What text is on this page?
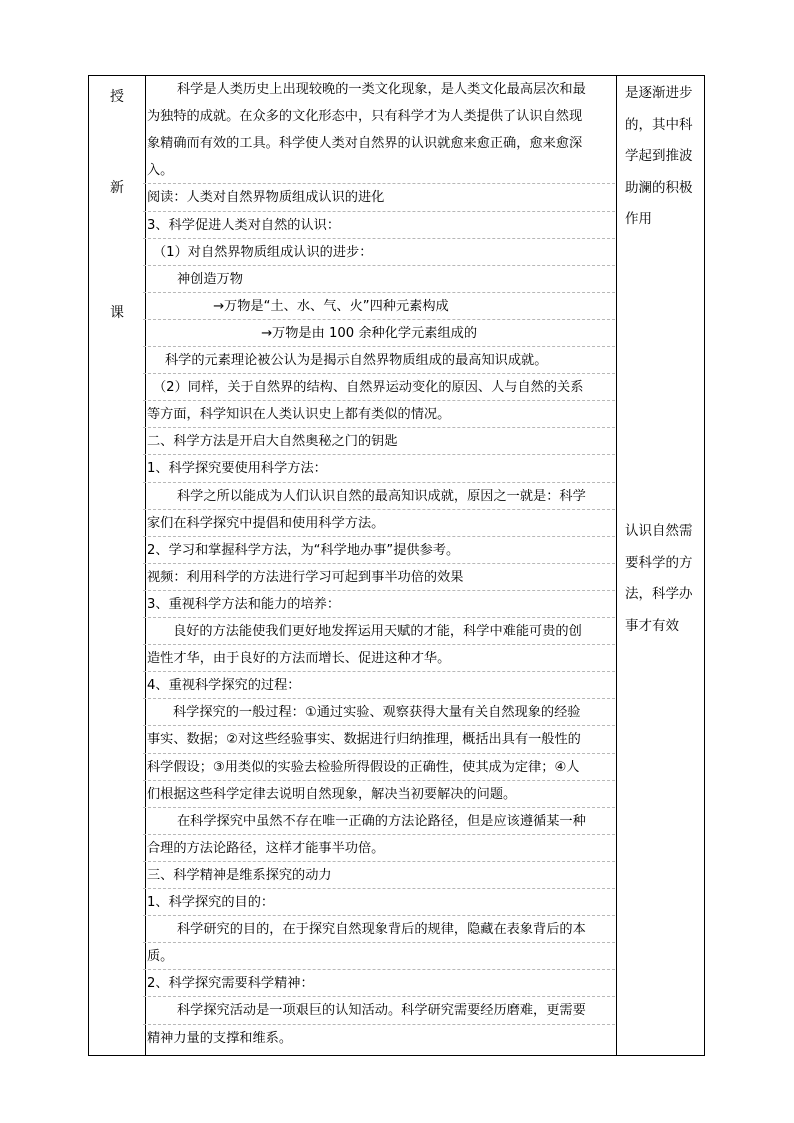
授
新
课
科学是人类历史上出现较晚的一类文化现象，是人类文化最高层次和最
为独特的成就。在众多的文化形态中，只有科学才为人类提供了认识自然现
象精确而有效的工具。科学使人类对自然界的认识就愈来愈正确，愈来愈深
入。
阅读：人类对自然界物质组成认识的进化
3、科学促进人类对自然的认识：
（1）对自然界物质组成认识的进步：
神创造万物
→万物是“土、水、气、火”四种元素构成
→万物是由 100 余种化学元素组成的
科学的元素理论被公认为是揭示自然界物质组成的最高知识成就。
（2）同样，关于自然界的结构、自然界运动变化的原因、人与自然的关系
等方面，科学知识在人类认识史上都有类似的情况。
二、科学方法是开启大自然奥秘之门的钥匙
1、科学探究要使用科学方法：
科学之所以能成为人们认识自然的最高知识成就，原因之一就是：科学
家们在科学探究中提倡和使用科学方法。
2、学习和掌握科学方法，为“科学地办事”提供参考。
视频：利用科学的方法进行学习可起到事半功倍的效果
3、重视科学方法和能力的培养：
良好的方法能使我们更好地发挥运用天赋的才能，科学中难能可贵的创
造性才华，由于良好的方法而增长、促进这种才华。
4、重视科学探究的过程：
科学探究的一般过程：①通过实验、观察获得大量有关自然现象的经验
事实、数据；②对这些经验事实、数据进行归纳推理，概括出具有一般性的
科学假设；③用类似的实验去检验所得假设的正确性，使其成为定律；④人
们根据这些科学定律去说明自然现象，解决当初要解决的问题。
在科学探究中虽然不存在唯一正确的方法论路径，但是应该遵循某一种
合理的方法论路径，这样才能事半功倍。
三、科学精神是维系探究的动力
1、科学探究的目的：
科学研究的目的，在于探究自然现象背后的规律，隐藏在表象背后的本
质。
2、科学探究需要科学精神：
科学探究活动是一项艰巨的认知活动。科学研究需要经历磨难，更需要
精神力量的支撑和维系。
是逐渐进步
的，其中科
学起到推波
助澜的积极
作用
认识自然需
要科学的方
法，科学办
事才有效
